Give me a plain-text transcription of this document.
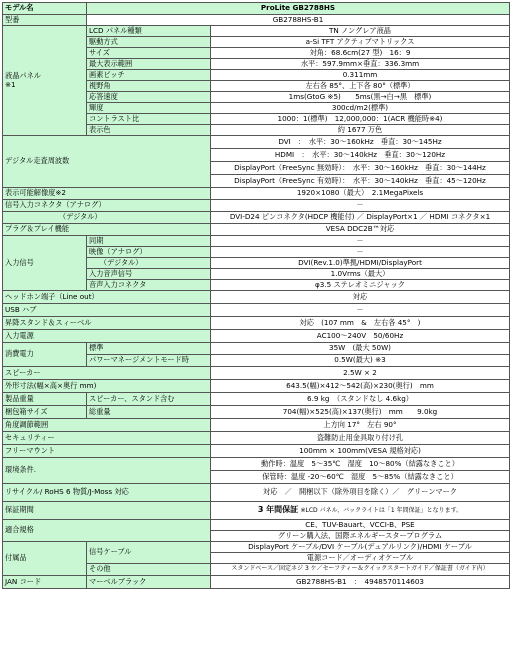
モデル名	ProLite GB2788HS	
型番	GB2788HS-B1	
液晶パネル
※1	LCD パネル種類	TN ノングレア液晶
	駆動方式	a-Si TFT アクティブマトリックス
	サイズ	対角：68.6cm(27 型)　16：9
	最大表示範囲	水平：597.9mm×垂直：336.3mm
	画素ピッチ	0.311mm
	視野角	左右各 85°、上下各 80°（標準）
	応答速度	1ms(GtoG ※5)　　5ms(黒→白→黒　標準)
	輝度	300cd/m2(標準)
	コントラスト比	1000：1(標準)　12,000,000：1(ACR 機能時※4)
	表示色	約 1677 万色
デジタル走査周波数		DVI　：　水平：30～160kHz　垂直：30～145Hz
		HDMI　：　水平：30～140kHz　垂直：30～120Hz
		DisplayPort（FreeSync 無効時）：　水平：30～160kHz　垂直：30～144Hz
		DisplayPort（FreeSync 有効時）：　水平：30～140kHz　垂直：45～120Hz
表示可能解像度※2		1920×1080（最大）　2.1MegaPixels
信号入力コネクタ（アナログ）		－
　　　　　　　　（デジタル）		DVI-D24 ピンコネクタ(HDCP 機能付) ／ DisplayPort×1 ／ HDMI コネクタ×1
プラグ＆プレイ機能		VESA DDC2B™対応
入力信号	同期	－
	映像（アナログ）	－
	　　（デジタル）	DVI(Rev.1.0)準拠/HDMI/DisplayPort
	入力音声信号	1.0Vrms（最大）
	音声入力コネクタ	φ3.5 ステレオミニジャック
ヘッドホン端子（Line out）		対応
USB ハブ		－
昇降スタンド＆スィーベル		対応　(107 mm　&　左右各 45°　)
入力電源		AC100～240V　50/60Hz
消費電力	標準	35W　(最大 50W)
	パワーマネージメントモード時	0.5W(最大) ※3
スピーカー		2.5W × 2
外形寸法(幅×高×奥行 mm)		643.5(幅)×412～542(高)×230(奥行)　mm
製品重量	スピーカー、スタンド含む	6.9 kg　（スタンドなし 4.6kg）
梱包箱サイズ	総重量	704(幅)×525(高)×137(奥行)　mm　　9.0kg
角度調節範囲		上方向 17°　左右 90°
セキュリティー		盗難防止用金具取り付け孔
フリーマウント		100mm × 100mm(VESA 規格対応)
環境条件.		動作時：温度　5～35℃　湿度　10～80%（結露なきこと）
		保管時：温度 -20～60℃　湿度　5～85%（結露なきこと）
リサイクル/ RoHS 6 物質/J-Moss 対応		対応　／　開梱以下（除外項目を除く）／　グリーンマーク
保証期間		3 年間保証 ※LCD パネル、バックライトは「1 年間保証」となります。
適合規格		CE、TUV-Bauart、VCCI-B、PSE
		グリーン購入法、国際エネルギースタープログラム
付属品	信号ケーブル	DisplayPort ケーブル/DVI ケーブル(デュアルリンク)/HDMI ケーブル
		電源コード／オーディオケーブル
	その他	スタンドベース／固定ネジ 3 ケ／セーフティー＆クイックスタートガイド／保証書（ガイド内）
JAN コード	マーベルブラック	GB2788HS-B1　：　4948570114603
